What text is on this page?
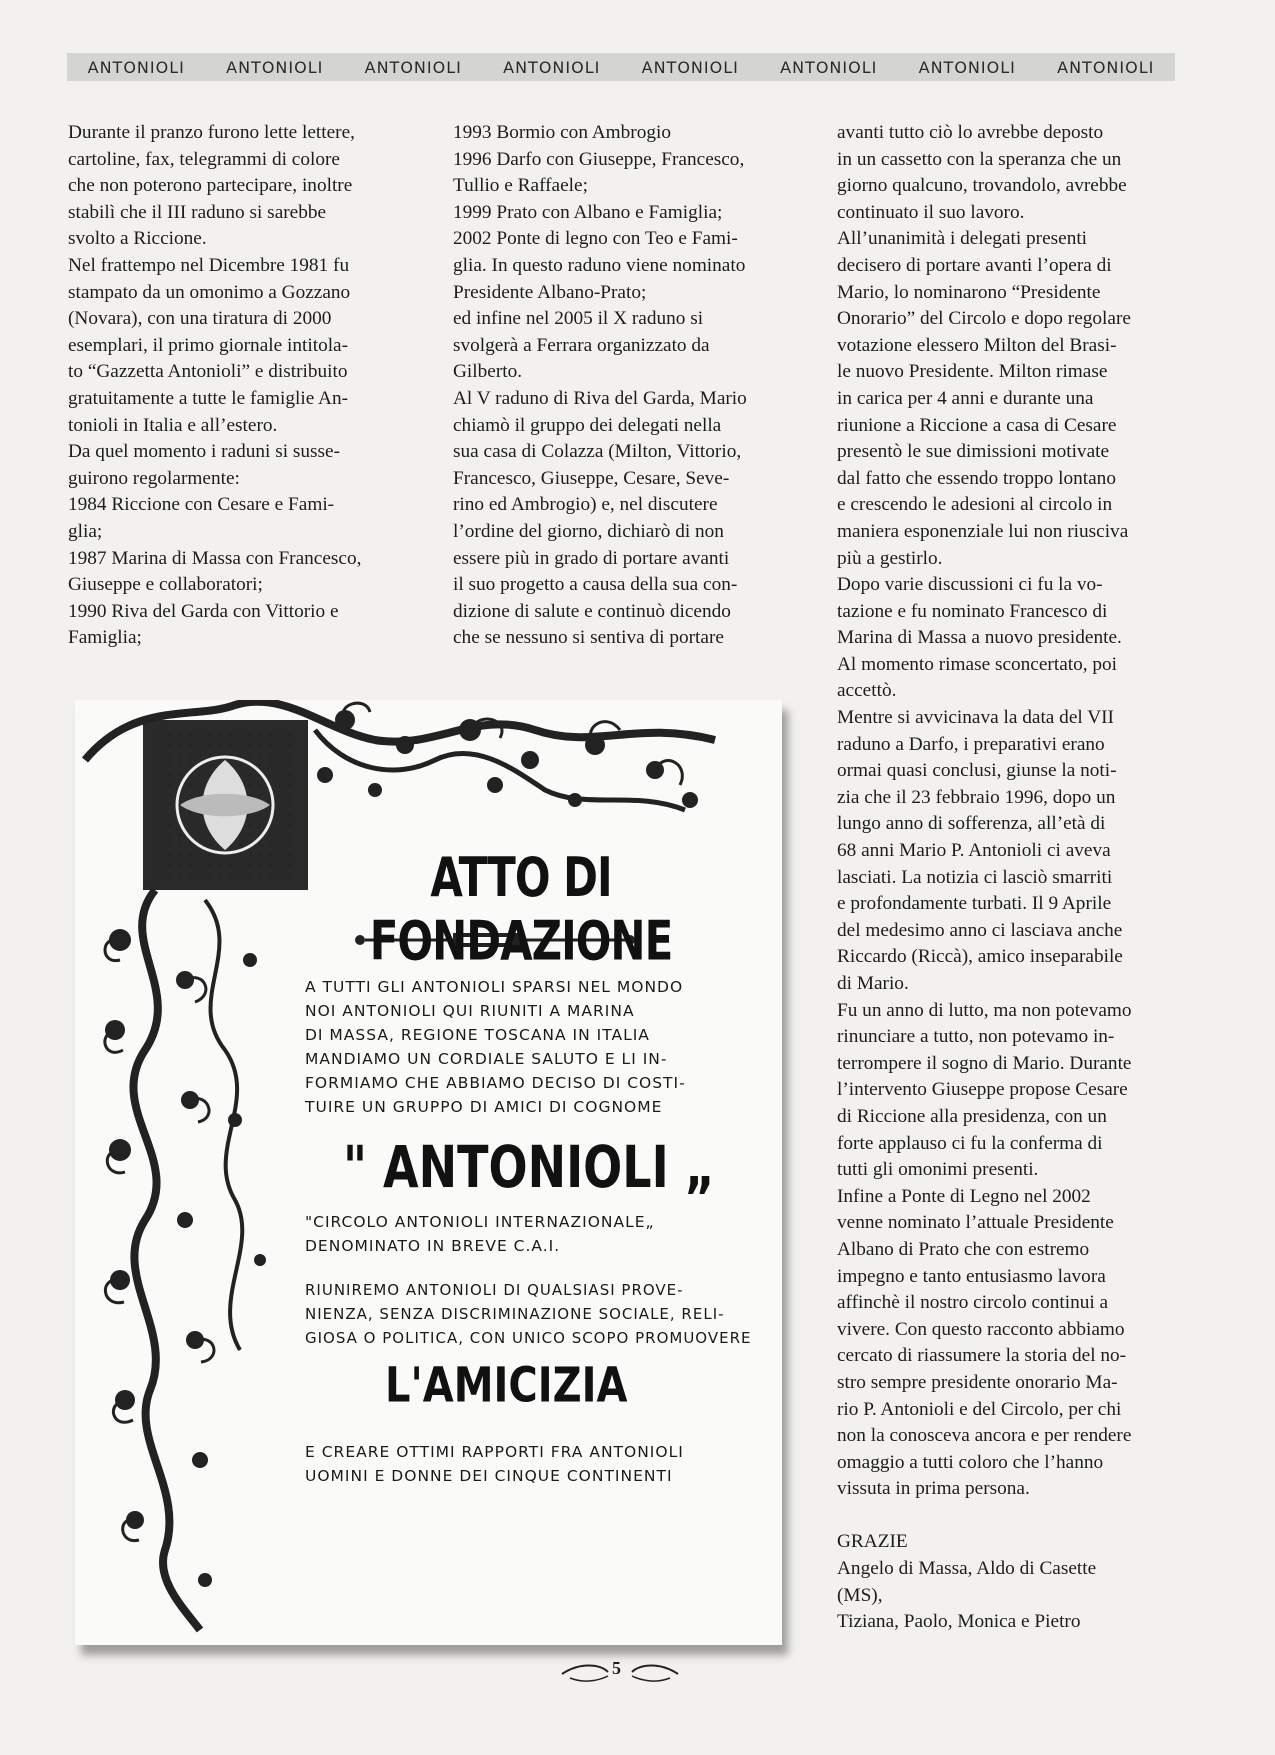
ANTONIOLI	ANTONIOLI	ANTONIOLI	ANTONIOLI	ANTONIOLI	ANTONIOLI	ANTONIOLI	ANTONIOLI
Durante il pranzo furono lette lettere,
cartoline, fax, telegrammi di colore
che non poterono partecipare, inoltre
stabilì che il III raduno si sarebbe
svolto a Riccione.
Nel frattempo nel Dicembre 1981 fu
stampato da un omonimo a Gozzano
(Novara), con una tiratura di 2000
esemplari, il primo giornale intitola-
to “Gazzetta Antonioli” e distribuito
gratuitamente a tutte le famiglie An-
tonioli in Italia e all’estero.
Da quel momento i raduni si susse-
guirono regolarmente:
1984 Riccione con Cesare e Fami-
glia;
1987 Marina di Massa con Francesco,
Giuseppe e collaboratori;
1990 Riva del Garda con Vittorio e
Famiglia;
1993 Bormio con Ambrogio
1996 Darfo con Giuseppe, Francesco,
Tullio e Raffaele;
1999 Prato con Albano e Famiglia;
2002 Ponte di legno con Teo e Fami-
glia. In questo raduno viene nominato
Presidente Albano-Prato;
ed infine nel 2005 il X raduno si
svolgerà a Ferrara organizzato da
Gilberto.
Al V raduno di Riva del Garda, Mario
chiamò il gruppo dei delegati nella
sua casa di Colazza (Milton, Vittorio,
Francesco, Giuseppe, Cesare, Seve-
rino ed Ambrogio) e, nel discutere
l’ordine del giorno, dichiarò di non
essere più in grado di portare avanti
il suo progetto a causa della sua con-
dizione di salute e continuò dicendo
che se nessuno si sentiva di portare
avanti tutto ciò lo avrebbe deposto
in un cassetto con la speranza che un
giorno qualcuno, trovandolo, avrebbe
continuato il suo lavoro.
All’unanimità i delegati presenti
decisero di portare avanti l’opera di
Mario, lo nominarono “Presidente
Onorario” del Circolo e dopo regolare
votazione elessero Milton del Brasi-
le nuovo Presidente. Milton rimase
in carica per 4 anni e durante una
riunione a Riccione a casa di Cesare
presentò le sue dimissioni motivate
dal fatto che essendo troppo lontano
e crescendo le adesioni al circolo in
maniera esponenziale lui non riusciva
più a gestirlo.
Dopo varie discussioni ci fu la vo-
tazione e fu nominato Francesco di
Marina di Massa a nuovo presidente.
Al momento rimase sconcertato, poi
accettò.
Mentre si avvicinava la data del VII
raduno a Darfo, i preparativi erano
ormai quasi conclusi, giunse la noti-
zia che il 23 febbraio 1996, dopo un
lungo anno di sofferenza, all’età di
68 anni Mario P. Antonioli ci aveva
lasciati. La notizia ci lasciò smarriti
e profondamente turbati. Il 9 Aprile
del medesimo anno ci lasciava anche
Riccardo (Riccà), amico inseparabile
di Mario.
Fu un anno di lutto, ma non potevamo
rinunciare a tutto, non potevamo in-
terrompere il sogno di Mario. Durante
l’intervento Giuseppe propose Cesare
di Riccione alla presidenza, con un
forte applauso ci fu la conferma di
tutti gli omonimi presenti.
Infine a Ponte di Legno nel 2002
venne nominato l’attuale Presidente
Albano di Prato che con estremo
impegno e tanto entusiasmo lavora
affinchè il nostro circolo continui a
vivere. Con questo racconto abbiamo
cercato di riassumere la storia del no-
stro sempre presidente onorario Ma-
rio P. Antonioli e del Circolo, per chi
non la conosceva ancora e per rendere
omaggio a tutti coloro che l’hanno
vissuta in prima persona.

GRAZIE
Angelo di Massa, Aldo di Casette
(MS),
Tiziana, Paolo, Monica e Pietro
ATTO DI FONDAZIONE
A TUTTI GLI ANTONIOLI SPARSI NEL MONDO
NOI ANTONIOLI QUI RIUNITI A MARINA
DI MASSA, REGIONE TOSCANA IN ITALIA
MANDIAMO UN CORDIALE SALUTO E LI IN-
FORMIAMO CHE ABBIAMO DECISO DI COSTI-
TUIRE UN GRUPPO DI AMICI DI COGNOME
" ANTONIOLI „
"CIRCOLO ANTONIOLI INTERNAZIONALE„
DENOMINATO IN BREVE C.A.I.
RIUNIREMO ANTONIOLI DI QUALSIASI PROVE-
NIENZA, SENZA DISCRIMINAZIONE SOCIALE, RELI-
GIOSA O POLITICA, CON UNICO SCOPO PROMUOVERE
L'AMICIZIA
E CREARE OTTIMI RAPPORTI FRA ANTONIOLI
UOMINI E DONNE DEI CINQUE CONTINENTI
5
